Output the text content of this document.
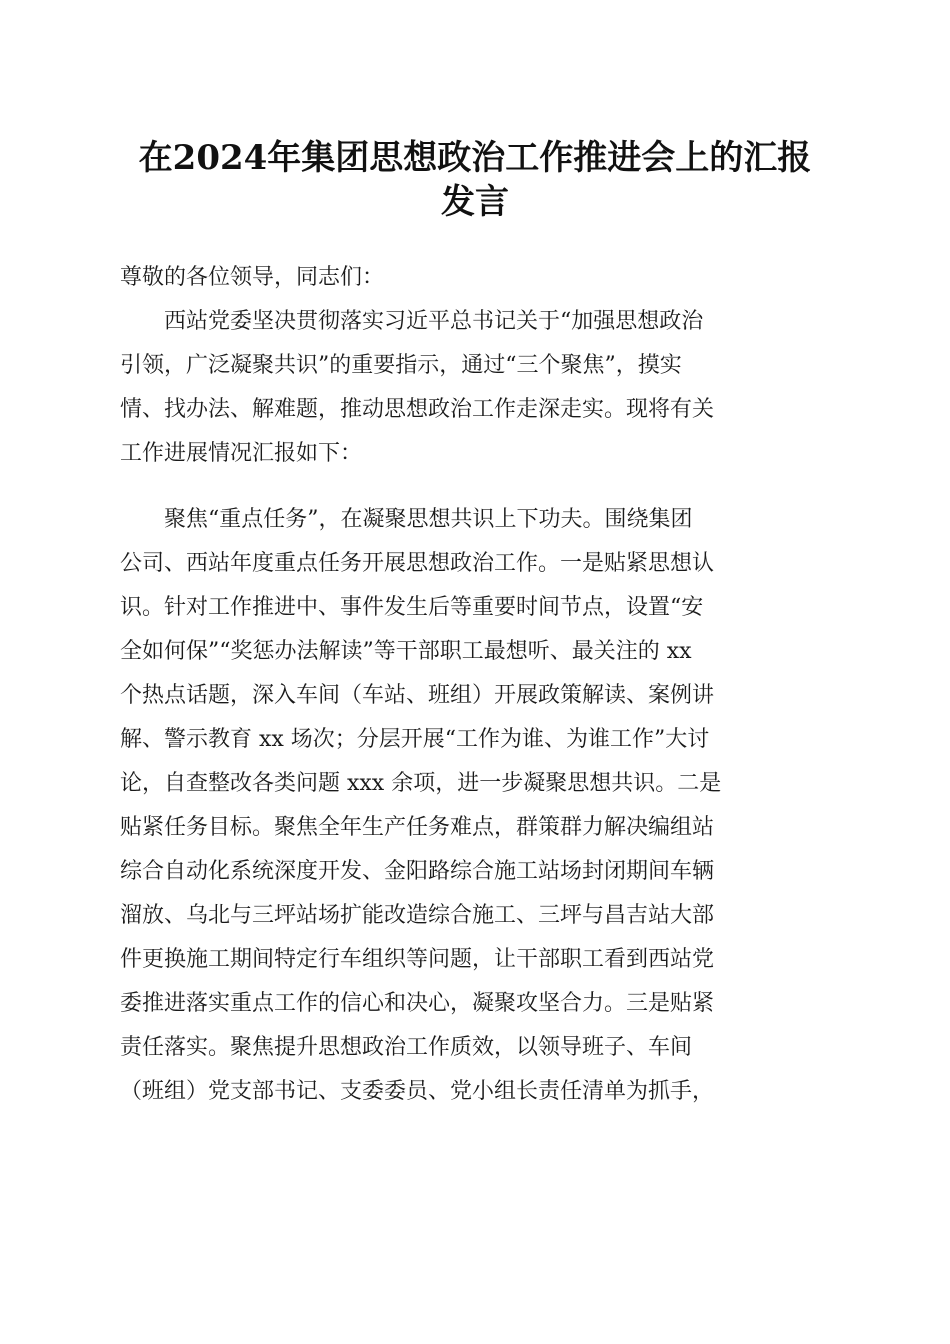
在2024年集团思想政治工作推进会上的汇报
发言
尊敬的各位领导，同志们：
　　西站党委坚决贯彻落实习近平总书记关于“加强思想政治
引领，广泛凝聚共识”的重要指示，通过“三个聚焦”，摸实
情、找办法、解难题，推动思想政治工作走深走实。现将有关
工作进展情况汇报如下：
　　聚焦“重点任务”，在凝聚思想共识上下功夫。围绕集团
公司、西站年度重点任务开展思想政治工作。一是贴紧思想认
识。针对工作推进中、事件发生后等重要时间节点，设置“安
全如何保”“奖惩办法解读”等干部职工最想听、最关注的 xx
个热点话题，深入车间（车站、班组）开展政策解读、案例讲
解、警示教育 xx 场次；分层开展“工作为谁、为谁工作”大讨
论，自查整改各类问题 xxx 余项，进一步凝聚思想共识。二是
贴紧任务目标。聚焦全年生产任务难点，群策群力解决编组站
综合自动化系统深度开发、金阳路综合施工站场封闭期间车辆
溜放、乌北与三坪站场扩能改造综合施工、三坪与昌吉站大部
件更换施工期间特定行车组织等问题，让干部职工看到西站党
委推进落实重点工作的信心和决心，凝聚攻坚合力。三是贴紧
责任落实。聚焦提升思想政治工作质效，以领导班子、车间
（班组）党支部书记、支委委员、党小组长责任清单为抓手，
